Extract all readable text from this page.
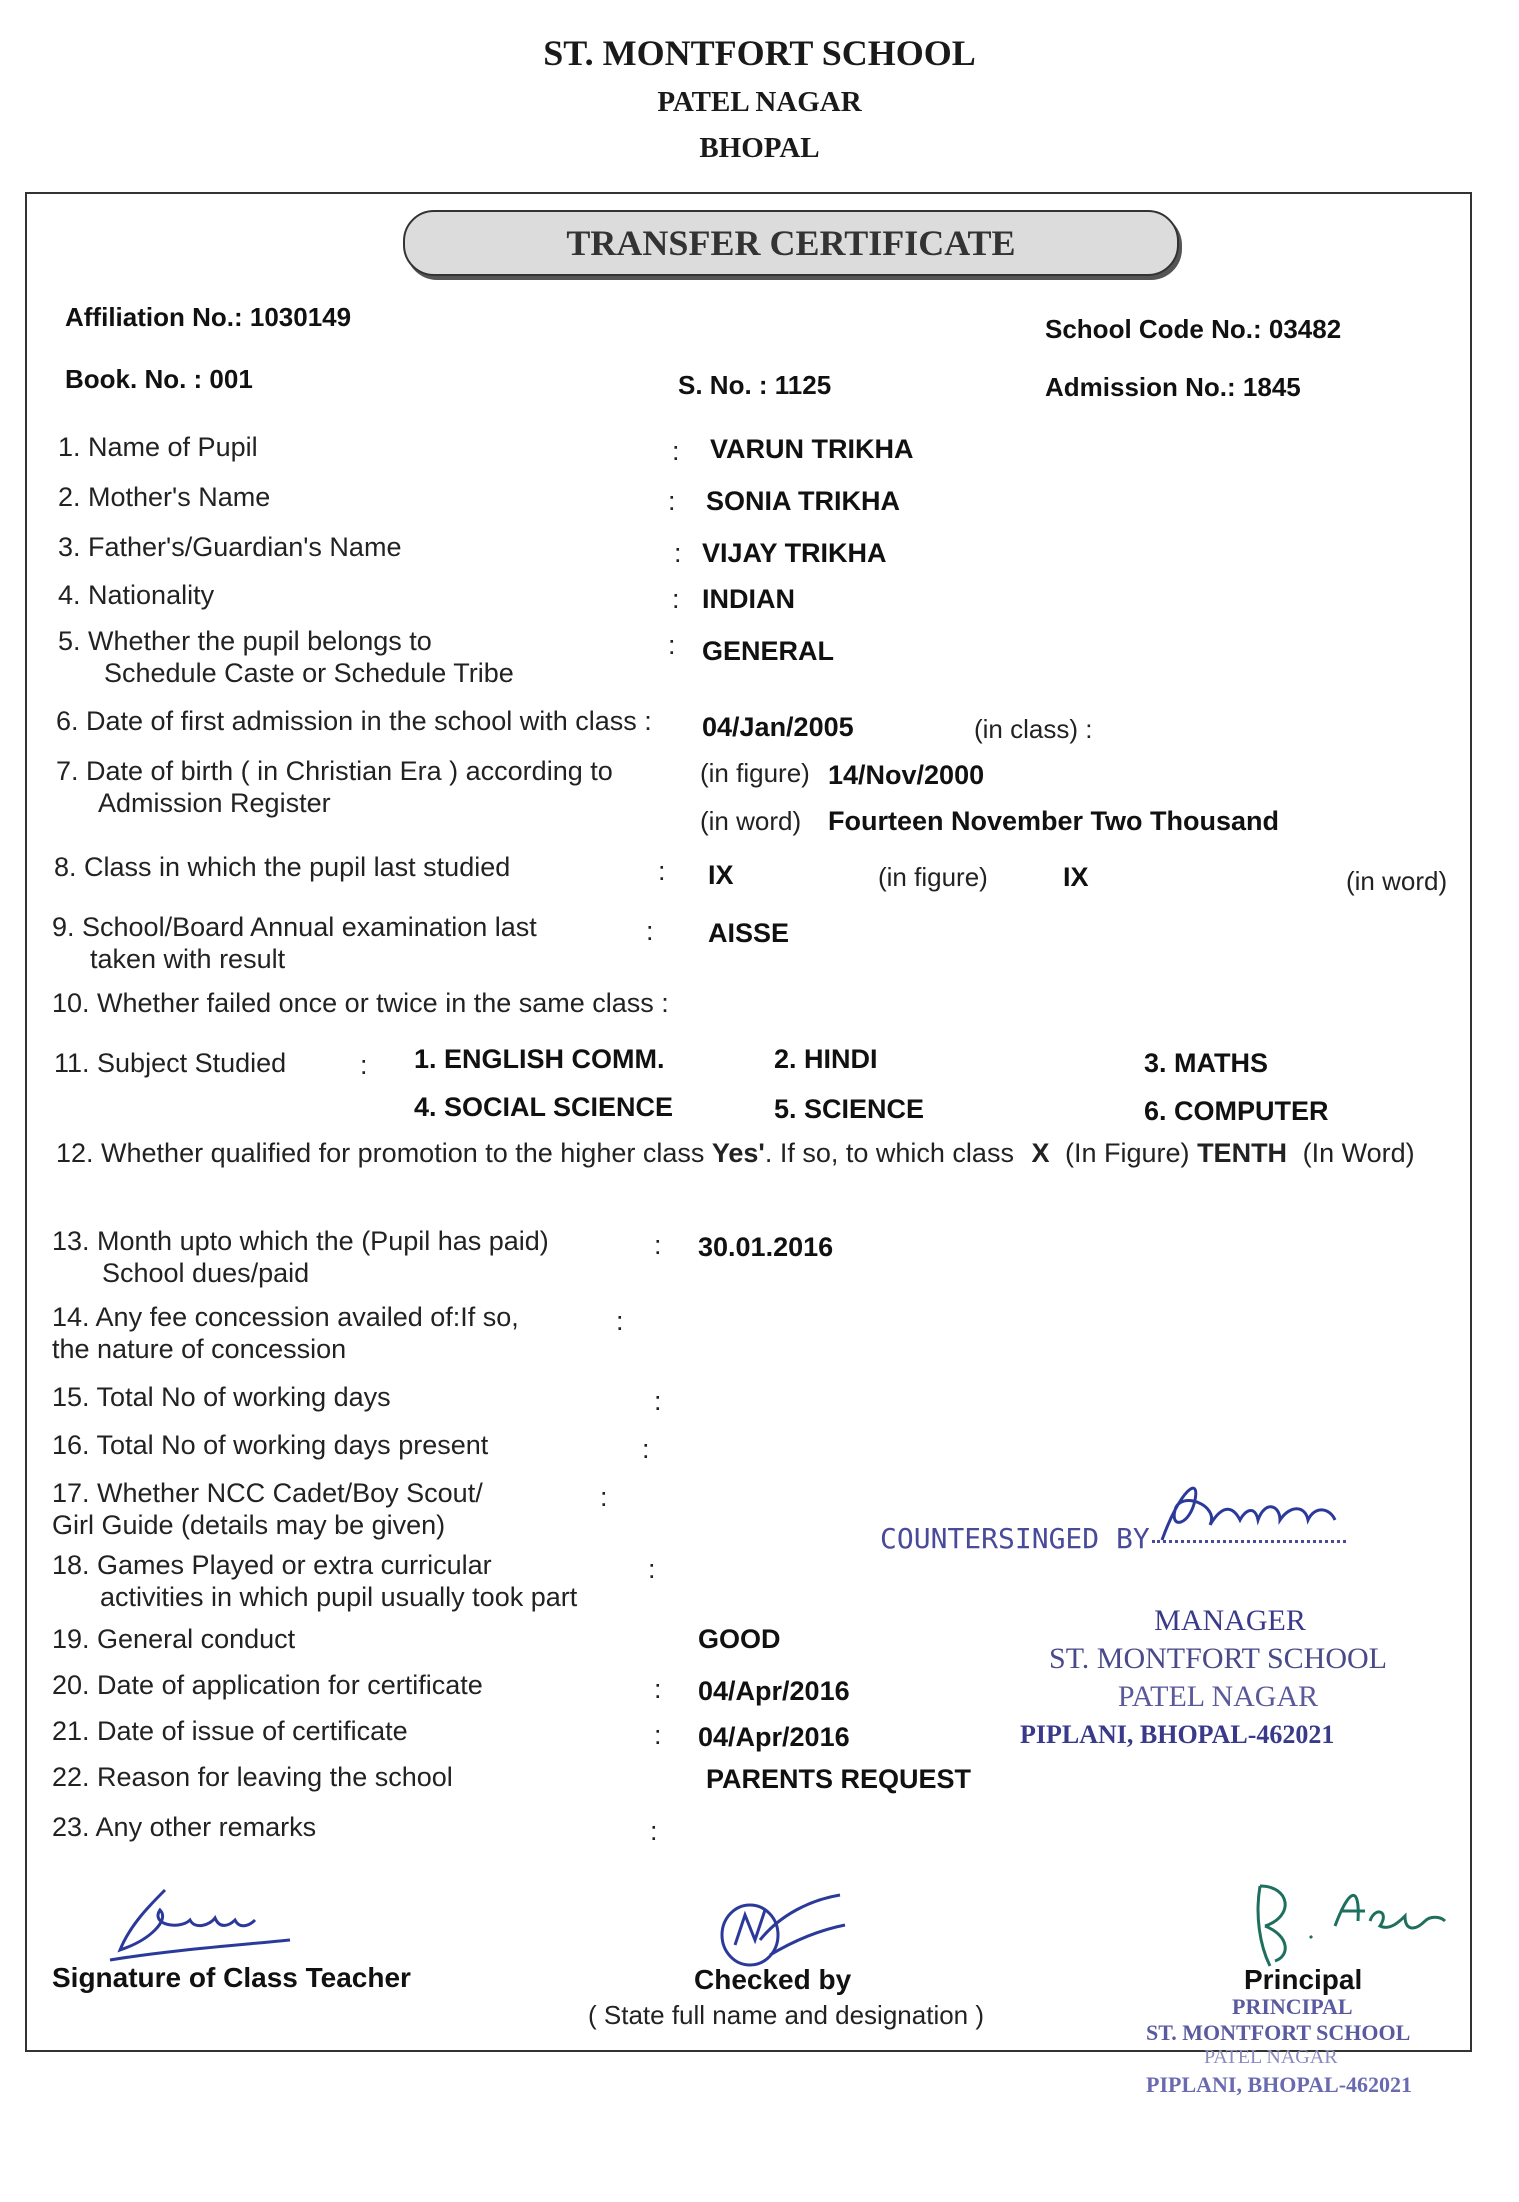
ST. MONTFORT SCHOOL
PATEL NAGAR
BHOPAL
TRANSFER CERTIFICATE
Affiliation No.: 1030149	School Code No.: 03482
Book. No. : 001	S. No. : 1125	Admission No.: 1845
1. Name of Pupil	: VARUN TRIKHA
2. Mother's Name	: SONIA TRIKHA
3. Father's/Guardian's Name	: VIJAY TRIKHA
4. Nationality	: INDIAN
5. Whether the pupil belongs to
Schedule Caste or Schedule Tribe
: GENERAL
6. Date of first admission in the school with class : 04/Jan/2005	(in class) :
7. Date of birth ( in Christian Era ) according to
Admission Register
(in figure) 14/Nov/2000
(in word) Fourteen November Two Thousand
8. Class in which the pupil last studied	: IX	(in figure)	IX	(in word)
9. School/Board Annual examination last
taken with result
: AISSE
10. Whether failed once or twice in the same class :
11. Subject Studied	: 1. ENGLISH COMM.	2. HINDI	3. MATHS
4. SOCIAL SCIENCE	5. SCIENCE	6. COMPUTER
12. Whether qualified for promotion to the higher class Yes'. If so, to which class X (In Figure) TENTH (In Word)
13. Month upto which the (Pupil has paid)
School dues/paid
: 30.01.2016
14. Any fee concession availed of:If so,
the nature of concession
:
15. Total No of working days	:
16. Total No of working days present	:
17. Whether NCC Cadet/Boy Scout/
Girl Guide (details may be given)
:
18. Games Played or extra curricular
activities in which pupil usually took part
:
19. General conduct	GOOD
20. Date of application for certificate	: 04/Apr/2016
21. Date of issue of certificate	: 04/Apr/2016
22. Reason for leaving the school	PARENTS REQUEST
23. Any other remarks	:
COUNTERSINGED BY
MANAGER
ST. MONTFORT SCHOOL
PATEL NAGAR
PIPLANI, BHOPAL-462021
Signature of Class Teacher	Checked by
( State full name and designation )
Principal
PRINCIPAL
ST. MONTFORT SCHOOL
PATEL NAGAR
PIPLANI, BHOPAL-462021
